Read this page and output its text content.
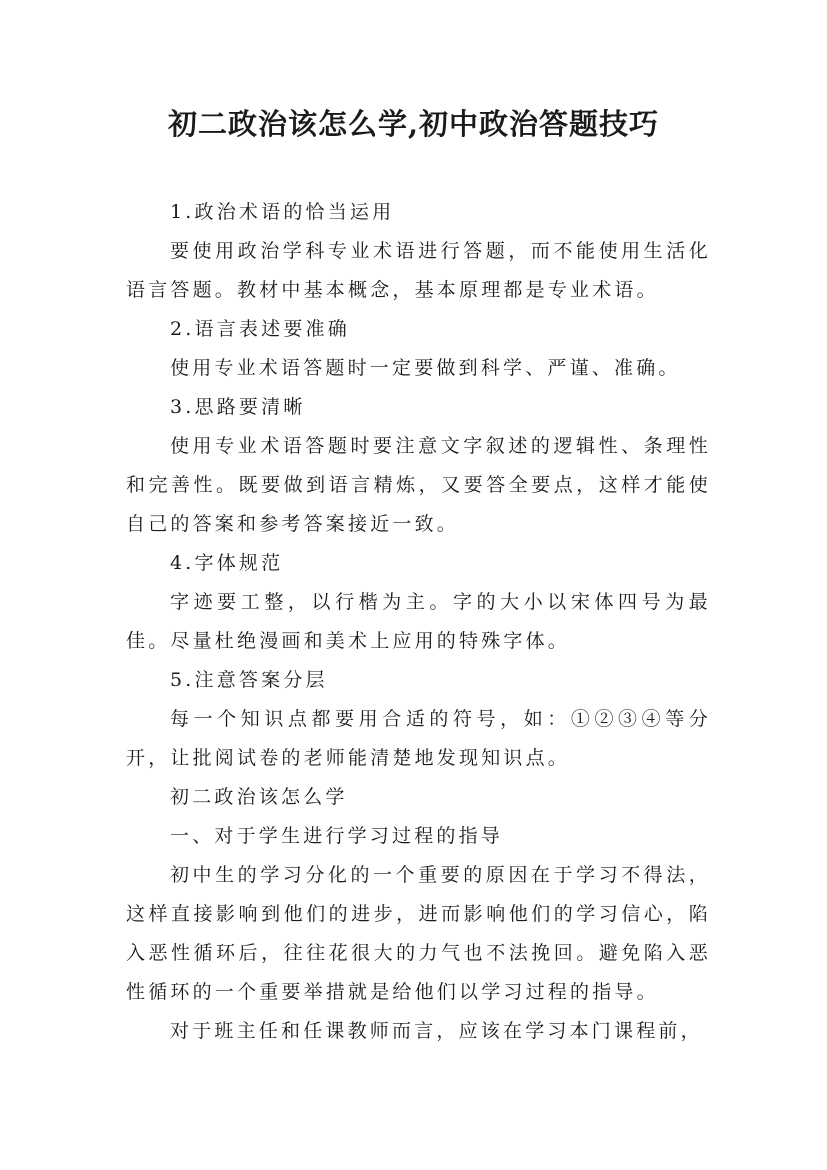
初二政治该怎么学,初中政治答题技巧

1.政治术语的恰当运用

要使用政治学科专业术语进行答题，而不能使用生活化语言答题。教材中基本概念，基本原理都是专业术语。

2.语言表述要准确

使用专业术语答题时一定要做到科学、严谨、准确。

3.思路要清晰

使用专业术语答题时要注意文字叙述的逻辑性、条理性和完善性。既要做到语言精炼，又要答全要点，这样才能使自己的答案和参考答案接近一致。

4.字体规范

字迹要工整，以行楷为主。字的大小以宋体四号为最佳。尽量杜绝漫画和美术上应用的特殊字体。

5.注意答案分层

每一个知识点都要用合适的符号，如：①②③④等分开，让批阅试卷的老师能清楚地发现知识点。

初二政治该怎么学

一、对于学生进行学习过程的指导

初中生的学习分化的一个重要的原因在于学习不得法，这样直接影响到他们的进步，进而影响他们的学习信心，陷入恶性循环后，往往花很大的力气也不法挽回。避免陷入恶性循环的一个重要举措就是给他们以学习过程的指导。

对于班主任和任课教师而言，应该在学习本门课程前，
